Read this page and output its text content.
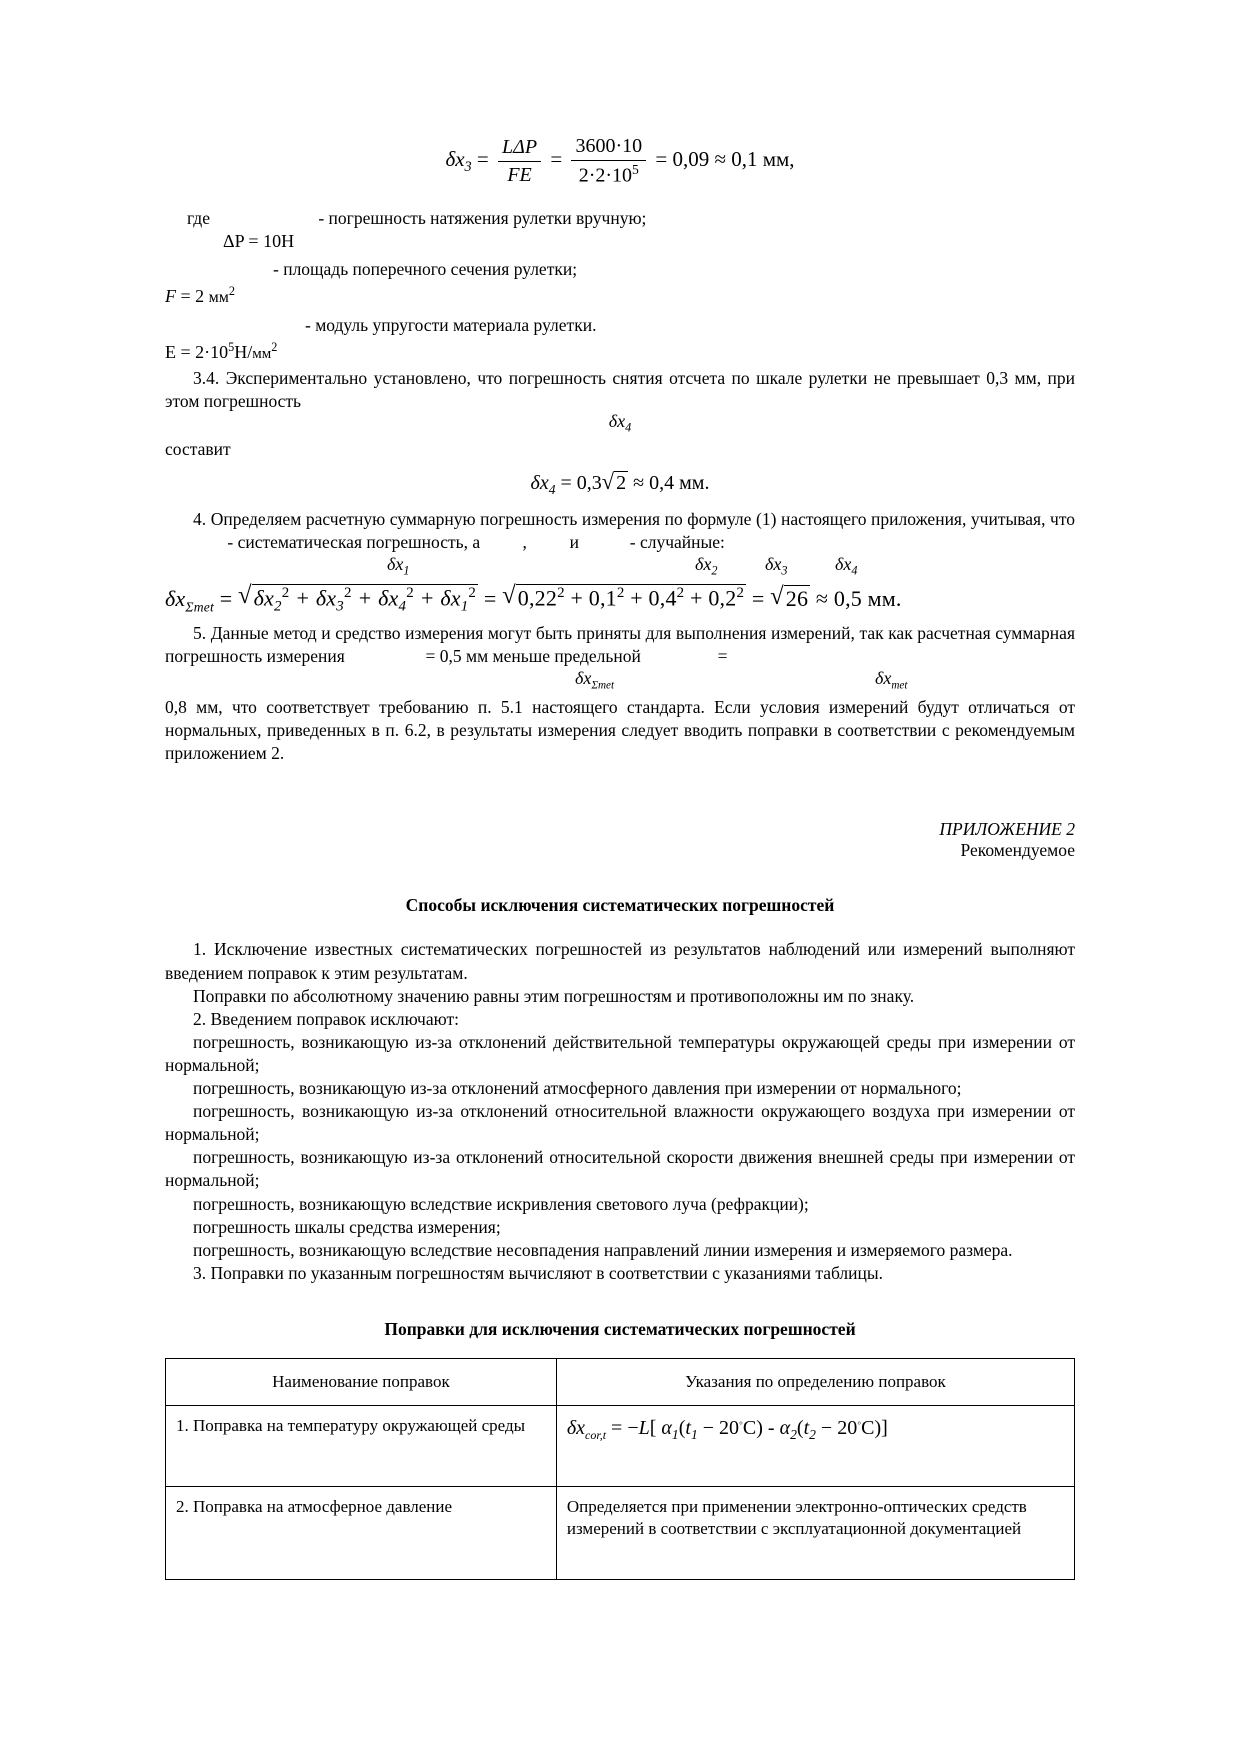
$\delta x_3 = \frac{\text{LΔP}}{FE} = \frac{3600\cdot 10}{2\cdot 2\cdot 10^5} = 0,09 \approx 0,1$ мм,
где	- погрешность натяжения рулетки вручную;
ΔP = 10Н
- площадь поперечного сечения рулетки;
F = 2 $мм^2$
- модуль упругости материала рулетки.
$E = 2\cdot 10^5Н/мм^2$

3.4. Экспериментально установлено, что погрешность снятия отсчета по шкале рулетки не превышает 0,3 мм, при этом погрешность

$\delta x_4$

составит

$\delta x_4 = 0,3$ √ 2 ≈ 0,4 мм.

4. Определяем расчетную суммарную погрешность измерения по формуле (1) настоящего приложения, учитывая, что  - систематическая погрешность, а ,  и	- случайные:

$\delta x_1$	$\delta x_2$	$\delta x_3$	$\delta x_4$
$\delta x_{\Sigma met}$ = √ $\delta x_2^2 + \delta x_3^2 + \delta x_4^2 + \delta x_1^2$ = √ $0,22^2 + 0,1^2 + 0,4^2 + 0,2^2$ = √ 26 ≈ 0,5 мм.

5. Данные метод и средство измерения могут быть приняты для выполнения измерений, так как расчетная суммарная погрешность измерения	= 0,5 мм меньше предельной	=

$\delta x_{\Sigma met}$	$\delta x_{met}$

0,8 мм, что соответствует требованию п. 5.1 настоящего стандарта. Если условия измерений будут отличаться от нормальных, приведенных в п. 6.2, в результаты измерения следует вводить поправки в соответствии с рекомендуемым приложением 2.

ПРИЛОЖЕНИЕ 2
Рекомендуемое
Способы исключения систематических погрешностей

1. Исключение известных систематических погрешностей из результатов наблюдений или измерений выполняют введением поправок к этим результатам.

Поправки по абсолютному значению равны этим погрешностям и противоположны им по знаку.

2. Введением поправок исключают:

погрешность, возникающую из-за отклонений действительной температуры окружающей среды при измерении от нормальной;

погрешность, возникающую из-за отклонений атмосферного давления при измерении от нормального;

погрешность, возникающую из-за отклонений относительной влажности окружающего воздуха при измерении от нормальной;

погрешность, возникающую из-за отклонений относительной скорости движения внешней среды при измерении от нормальной;

погрешность, возникающую вследствие искривления светового луча (рефракции);

погрешность шкалы средства измерения;

погрешность, возникающую вследствие несовпадения направлений линии измерения и измеряемого размера.

3. Поправки по указанным погрешностям вычисляют в соответствии с указаниями таблицы.

Поправки для исключения систематических погрешностей
Наименование поправок	Указания по определению поправок
1. Поправка на температуру окружающей среды	$\delta x_{cor,t} = -L$[ $\alpha_1(t_1 - 20^◦C) - \alpha_2(t_2 - 20^◦C)$]
2. Поправка на атмосферное давление	Определяется при применении электронно-оптических средств измерений в соответствии с эксплуатационной документацией
